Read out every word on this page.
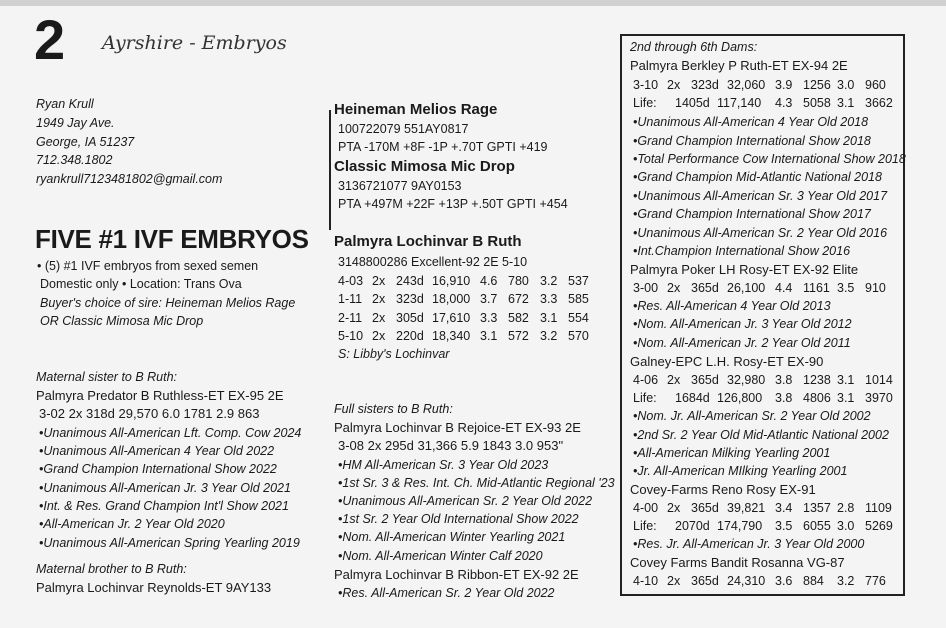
2 Ayrshire - Embryos
Ryan Krull
1949 Jay Ave.
George, IA 51237
712.348.1802
ryankrull7123481802@gmail.com
FIVE #1 IVF EMBRYOS
• (5) #1 IVF embryos from sexed semen
Domestic only • Location: Trans Ova
Buyer's choice of sire: Heineman Melios Rage
OR Classic Mimosa Mic Drop
Maternal sister to B Ruth:
Palmyra Predator B Ruthless-ET EX-95 2E
3-02 2x 318d 29,570 6.0 1781 2.9 863
•Unanimous All-American Lft. Comp. Cow 2024
•Unanimous All-American 4 Year Old 2022
•Grand Champion International Show 2022
•Unanimous All-American Jr. 3 Year Old 2021
•Int. & Res. Grand Champion Int'l Show 2021
•All-American Jr. 2 Year Old 2020
•Unanimous All-American Spring Yearling 2019
Maternal brother to B Ruth:
Palmyra Lochinvar Reynolds-ET 9AY133
Heineman Melios Rage
100722079 551AY0817
PTA -170M +8F -1P +.70T GPTI +419
Classic Mimosa Mic Drop
3136721077 9AY0153
PTA +497M +22F +13P +.50T GPTI +454
Palmyra Lochinvar B Ruth
3148800286 Excellent-92 2E 5-10
4-03 2x 243d 16,910 4.6 780 3.2 537
1-11 2x 323d 18,000 3.7 672 3.3 585
2-11 2x 305d 17,610 3.3 582 3.1 554
5-10 2x 220d 18,340 3.1 572 3.2 570
S: Libby's Lochinvar
Full sisters to B Ruth:
Palmyra Lochinvar B Rejoice-ET EX-93 2E
3-08 2x 295d 31,366 5.9 1843 3.0 953"
•HM All-American Sr. 3 Year Old 2023
•1st Sr. 3 & Res. Int. Ch. Mid-Atlantic Regional '23
•Unanimous All-American Sr. 2 Year Old 2022
•1st Sr. 2 Year Old International Show 2022
•Nom. All-American Winter Yearling 2021
•Nom. All-American Winter Calf 2020
Palmyra Lochinvar B Ribbon-ET EX-92 2E
•Res. All-American Sr. 2 Year Old 2022
2nd through 6th Dams:
Palmyra Berkley P Ruth-ET EX-94 2E
3-10 2x 323d 32,060 3.9 1256 3.0 960
Life: 1405d 117,140 4.3 5058 3.1 3662
•Unanimous All-American 4 Year Old 2018
•Grand Champion International Show 2018
•Total Performance Cow International Show 2018
•Grand Champion Mid-Atlantic National 2018
•Unanimous All-American Sr. 3 Year Old 2017
•Grand Champion International Show 2017
•Unanimous All-American Sr. 2 Year Old 2016
•Int.Champion International Show 2016
Palmyra Poker LH Rosy-ET EX-92 Elite
3-00 2x 365d 26,100 4.4 1161 3.5 910
•Res. All-American 4 Year Old 2013
•Nom. All-American Jr. 3 Year Old 2012
•Nom. All-American Jr. 2 Year Old 2011
Galney-EPC L.H. Rosy-ET EX-90
4-06 2x 365d 32,980 3.8 1238 3.1 1014
Life: 1684d 126,800 3.8 4806 3.1 3970
•Nom. Jr. All-American Sr. 2 Year Old 2002
•2nd Sr. 2 Year Old Mid-Atlantic National 2002
•All-American Milking Yearling 2001
•Jr. All-American MIlking Yearling 2001
Covey-Farms Reno Rosy EX-91
4-00 2x 365d 39,821 3.4 1357 2.8 1109
Life: 2070d 174,790 3.5 6055 3.0 5269
•Res. Jr. All-American Jr. 3 Year Old 2000
Covey Farms Bandit Rosanna VG-87
4-10 2x 365d 24,310 3.6 884 3.2 776
